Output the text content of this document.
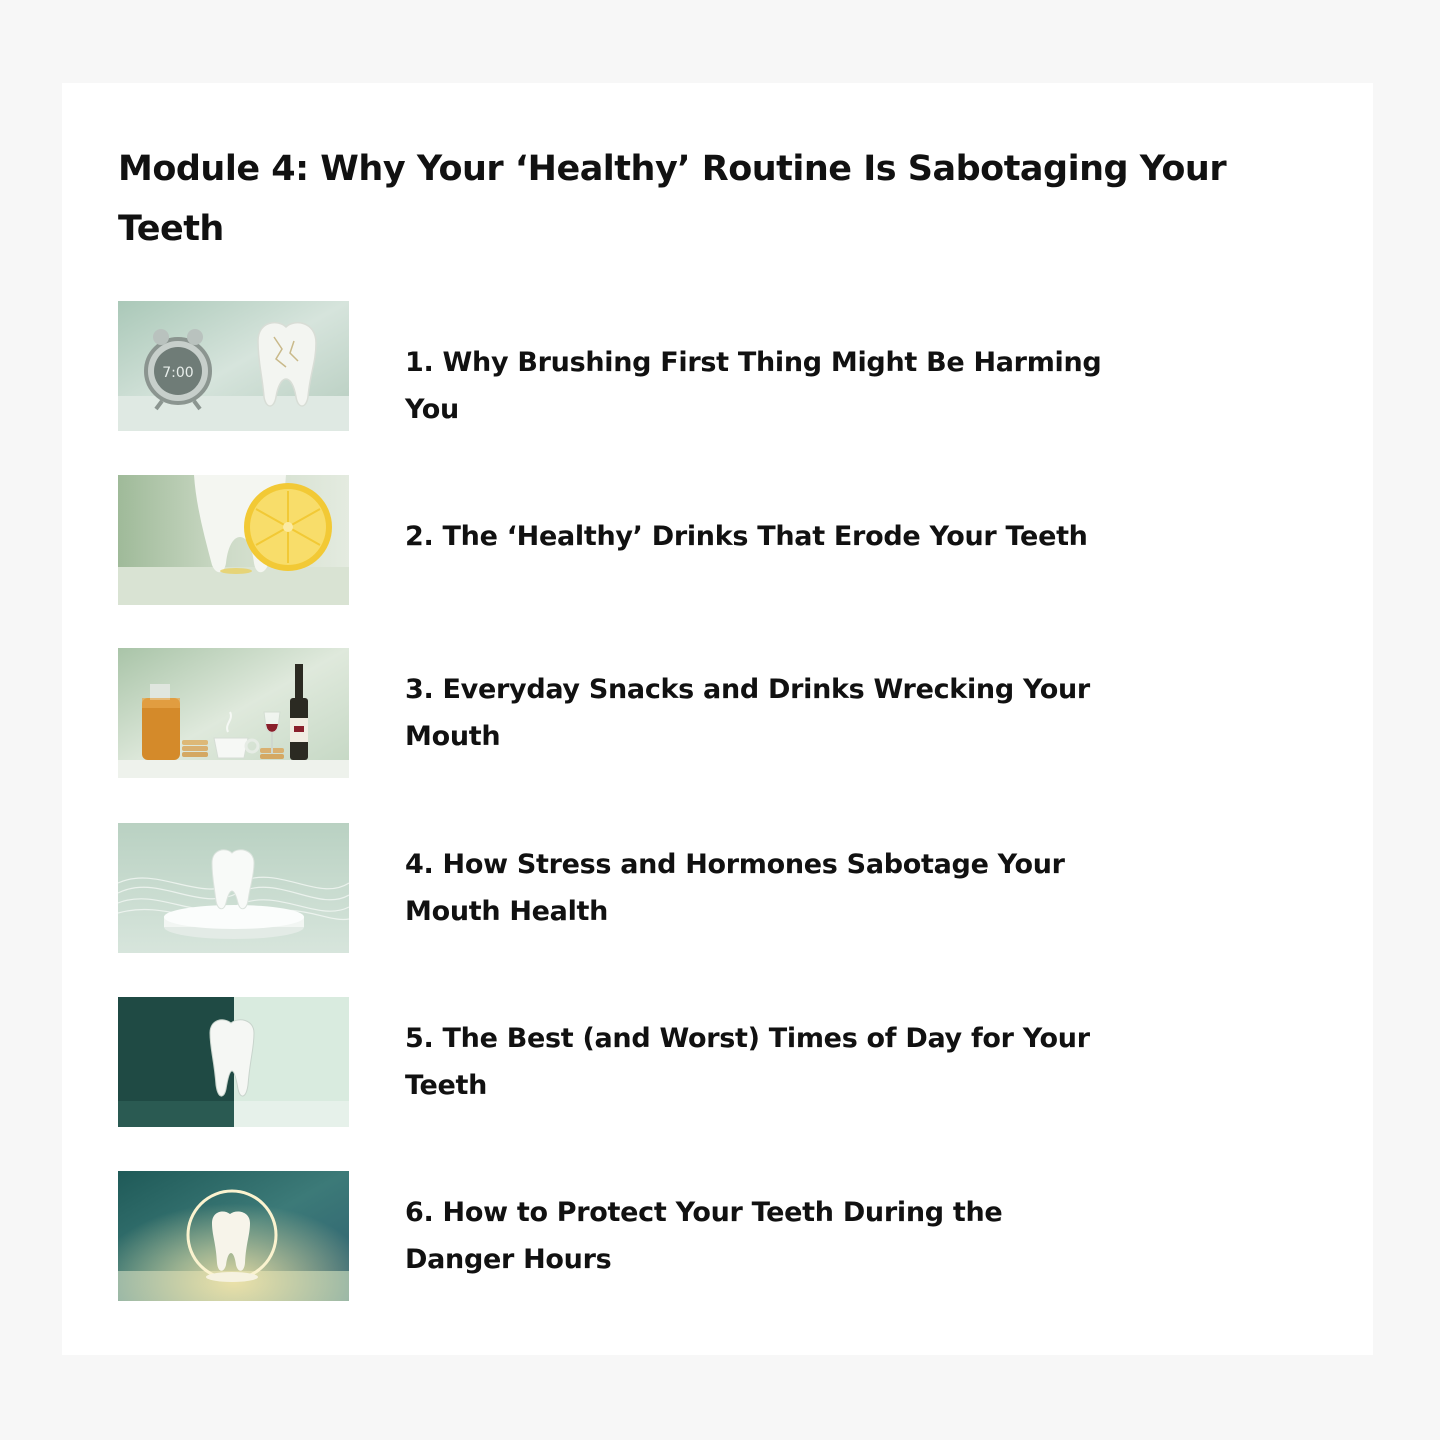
Module 4: Why Your ‘Healthy’ Routine Is Sabotaging Your Teeth
7:00	1. Why Brushing First Thing Might Be Harming You
2. The ‘Healthy’ Drinks That Erode Your Teeth
3. Everyday Snacks and Drinks Wrecking Your Mouth
4. How Stress and Hormones Sabotage Your Mouth Health
5. The Best (and Worst) Times of Day for Your Teeth
6. How to Protect Your Teeth During the Danger Hours
